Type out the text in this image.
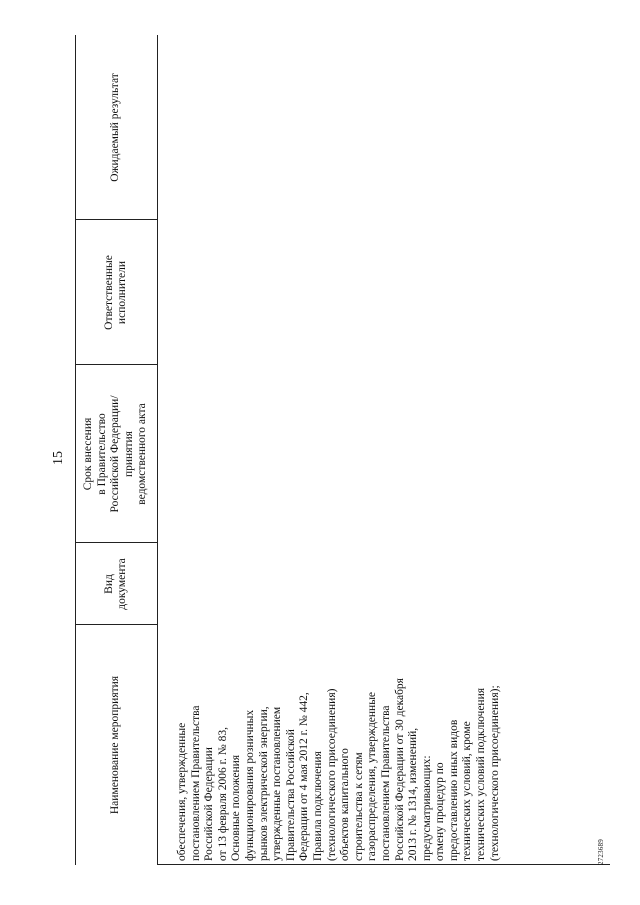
15
Наименование мероприятия
Вид
документа
Срок внесения
в Правительство
Российской Федерации/
принятия
ведомственного акта
Ответственные
исполнители
Ожидаемый результат
обеспечения, утвержденные постановлением Правительства Российской Федерации от 13 февраля 2006 г. № 83, Основные положения функционирования розничных рынков электрической энергии, утвержденные постановлением Правительства Российской Федерации от 4 мая 2012 г. № 442, Правила подключения (технологического присоединения) объектов капитального строительства к сетям газораспределения, утвержденные постановлением Правительства Российской Федерации от 30 декабря 2013 г. № 1314, изменений, предусматривающих: отмену процедур по предоставлению иных видов технических условий, кроме технических условий подключения (технологического присоединения);	2723689
